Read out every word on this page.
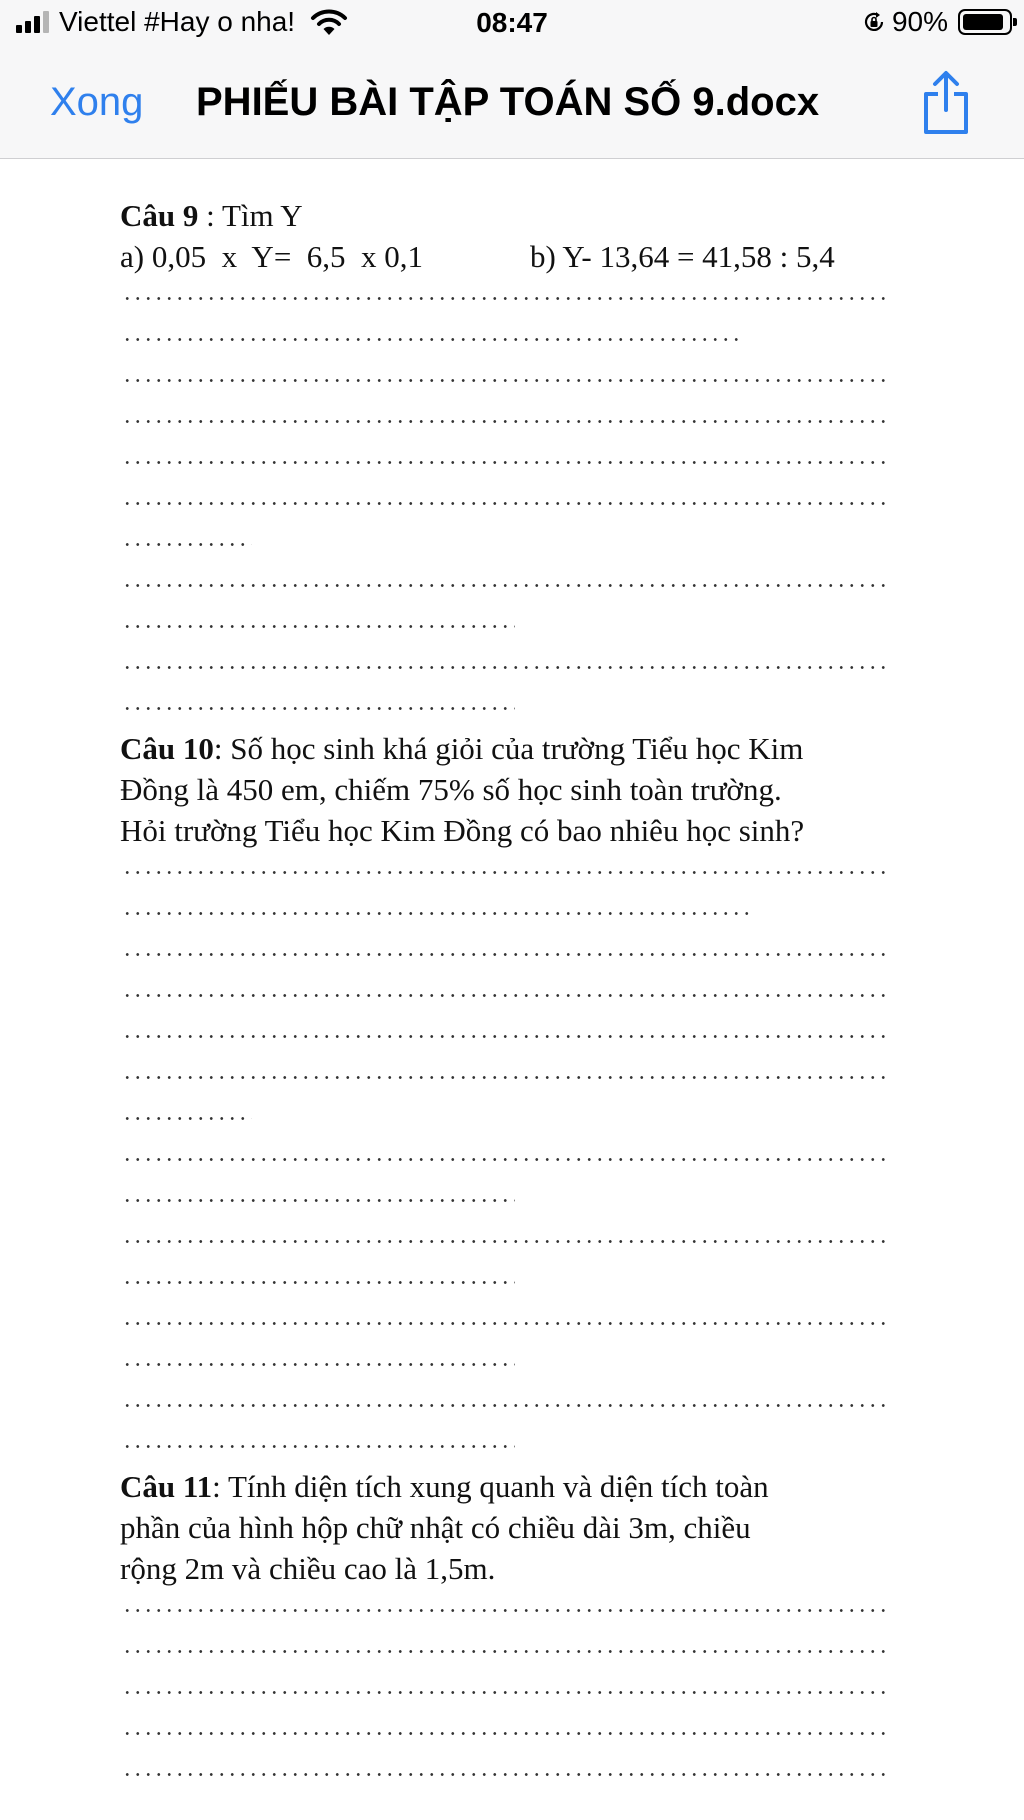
Viettel #Hay o nha!	08:47	90%
Xong PHIẾU BÀI TẬP TOÁN SỐ 9.docx
Câu 9 : Tìm Y
a) 0,05  x  Y=  6,5  x 0,1	b) Y- 13,64 = 41,58 : 5,4
Câu 10: Số học sinh khá giỏi của trường Tiểu học Kim
Đồng là 450 em, chiếm 75% số học sinh toàn trường.
Hỏi trường Tiểu học Kim Đồng có bao nhiêu học sinh?
Câu 11: Tính diện tích xung quanh và diện tích toàn
phần của hình hộp chữ nhật có chiều dài 3m, chiều
rộng 2m và chiều cao là 1,5m.
